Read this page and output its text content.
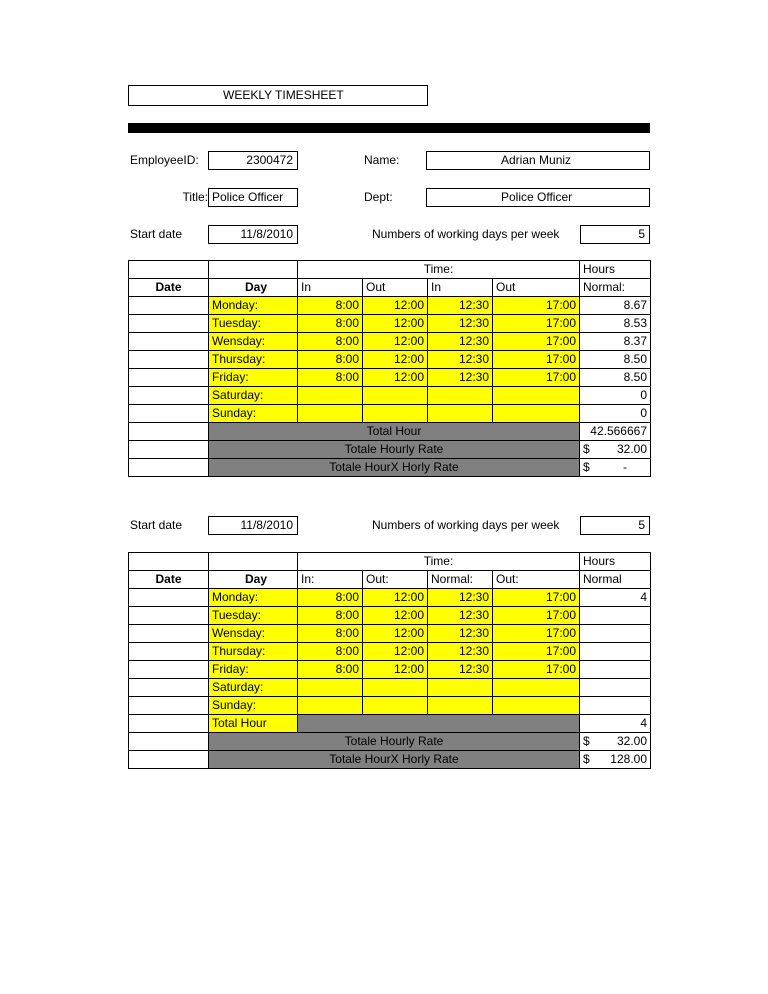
WEEKLY TIMESHEET
EmployeeID:	2300472	Name:	Adrian Muniz
Title: Police Officer	Dept:	Police Officer
Start date	11/8/2010	Numbers of working days per week	5
		Time:				Hours
Date	Day	In	Out	In	Out	Normal:
	Monday:	8:00	12:00	12:30	17:00	8.67
	Tuesday:	8:00	12:00	12:30	17:00	8.53
	Wensday:	8:00	12:00	12:30	17:00	8.37
	Thursday:	8:00	12:00	12:30	17:00	8.50
	Friday:	8:00	12:00	12:30	17:00	8.50
	Saturday:					0
	Sunday:					0
	Total Hour					42.566667
	Totale Hourly Rate					$ 32.00

	Totale HourX Horly Rate					$ -
Start date	11/8/2010	Numbers of working days per week	5
		Time:				Hours
Date	Day	In:	Out:	Normal:	Out:	Normal
	Monday:	8:00	12:00	12:30	17:00	4
	Tuesday:	8:00	12:00	12:30	17:00	
	Wensday:	8:00	12:00	12:30	17:00	
	Thursday:	8:00	12:00	12:30	17:00	
	Friday:	8:00	12:00	12:30	17:00	
	Saturday:					
	Sunday:					
	Total Hour					4
	Totale Hourly Rate					$ 32.00

	Totale HourX Horly Rate					$ 128.00
